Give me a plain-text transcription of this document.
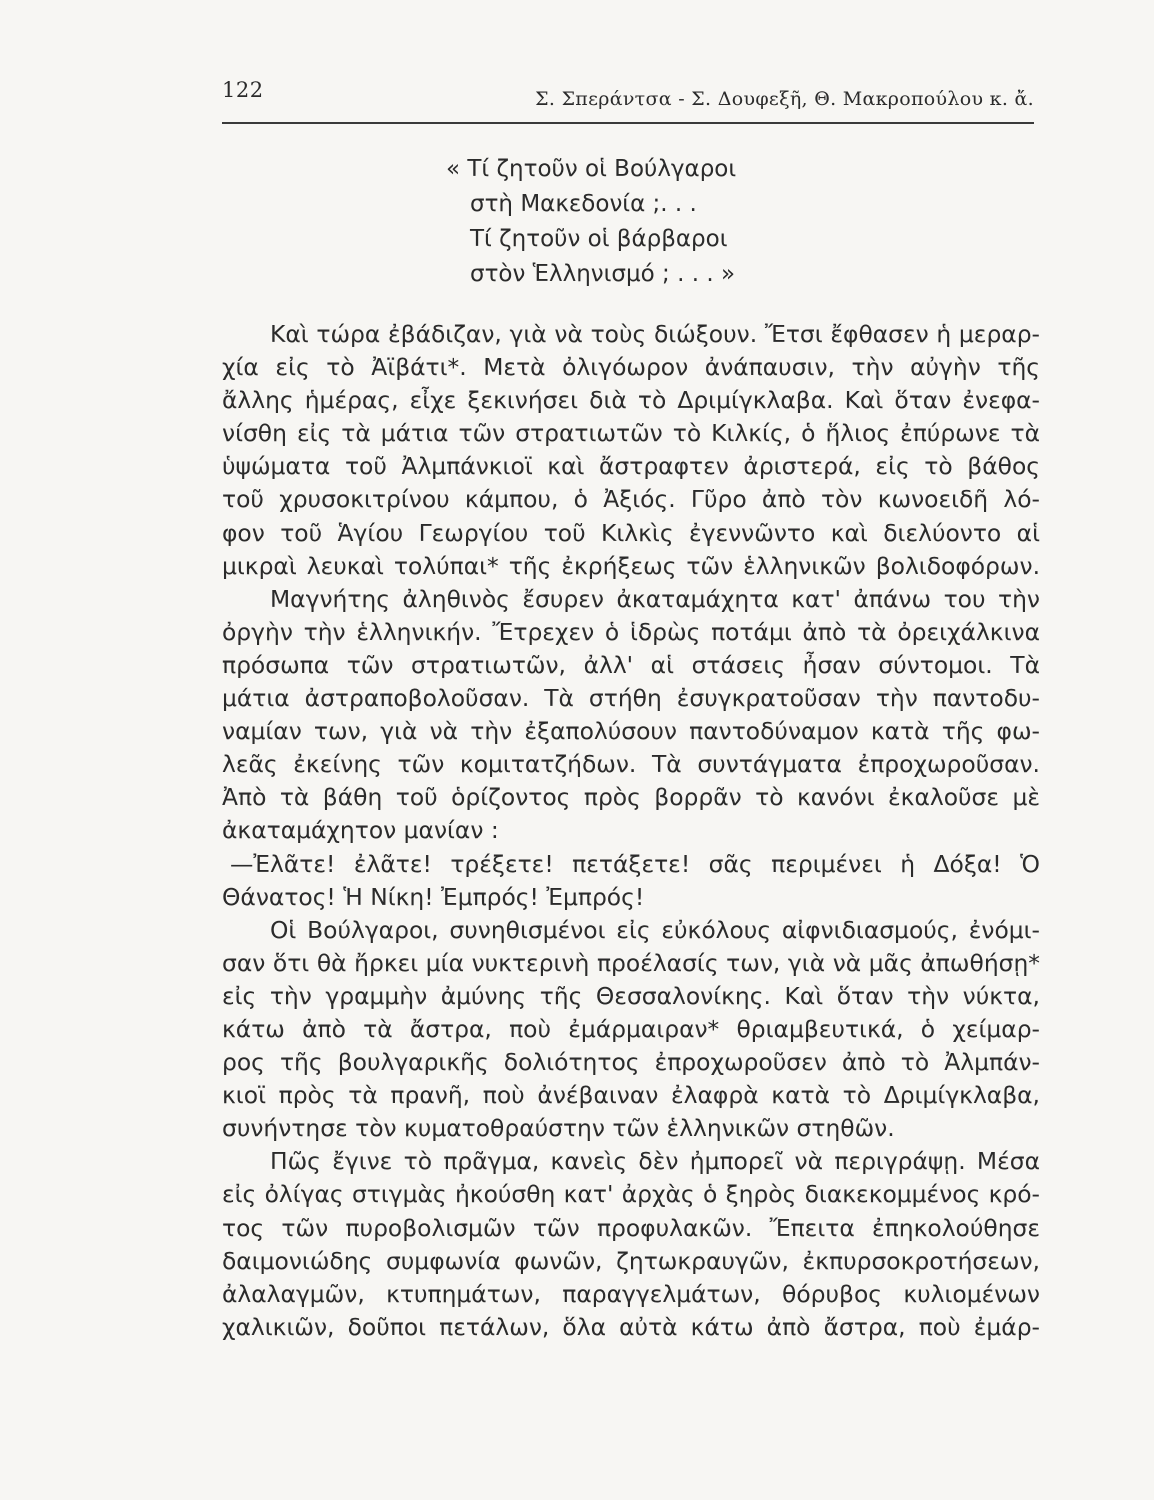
122	Σ. Σπεράντσα - Σ. Δουφεξῆ, Θ. Μακροπούλου κ. ἄ.
« Τί ζητοῦν οἱ Βούλγαροι
στὴ Μακεδονία ;. . .
Τί ζητοῦν οἱ βάρβαροι
στὸν Ἑλληνισμό ; . . . »
Καὶ τώρα ἐβάδιζαν, γιὰ νὰ τοὺς διώξουν. Ἔτσι ἔφθασεν ἡ μεραρ-
χία εἰς τὸ Ἀϊβάτι*. Μετὰ ὀλιγόωρον ἀνάπαυσιν, τὴν αὐγὴν τῆς
ἄλλης ἡμέρας, εἶχε ξεκινήσει διὰ τὸ Δριμίγκλαβα. Καὶ ὅταν ἐνεφα-
νίσθη εἰς τὰ μάτια τῶν στρατιωτῶν τὸ Κιλκίς, ὁ ἥλιος ἐπύρωνε τὰ
ὑψώματα τοῦ Ἀλμπάνκιοϊ καὶ ἄστραφτεν ἀριστερά, εἰς τὸ βάθος
τοῦ χρυσοκιτρίνου κάμπου, ὁ Ἀξιός. Γῦρο ἀπὸ τὸν κωνοειδῆ λό-
φον τοῦ Ἁγίου Γεωργίου τοῦ Κιλκὶς ἐγεννῶντο καὶ διελύοντο αἱ
μικραὶ λευκαὶ τολύπαι* τῆς ἐκρήξεως τῶν ἑλληνικῶν βολιδοφόρων.
Μαγνήτης ἀληθινὸς ἔσυρεν ἀκαταμάχητα κατ' ἀπάνω του τὴν
ὀργὴν τὴν ἑλληνικήν. Ἔτρεχεν ὁ ἱδρὼς ποτάμι ἀπὸ τὰ ὀρειχάλκινα
πρόσωπα τῶν στρατιωτῶν, ἀλλ' αἱ στάσεις ἦσαν σύντομοι. Τὰ
μάτια ἀστραποβολοῦσαν. Τὰ στήθη ἐσυγκρατοῦσαν τὴν παντοδυ-
ναμίαν των, γιὰ νὰ τὴν ἐξαπολύσουν παντοδύναμον κατὰ τῆς φω-
λεᾶς ἐκείνης τῶν κομιτατζήδων. Τὰ συντάγματα ἐπροχωροῦσαν.
Ἀπὸ τὰ βάθη τοῦ ὁρίζοντος πρὸς βορρᾶν τὸ κανόνι ἐκαλοῦσε μὲ
ἀκαταμάχητον μανίαν :
—Ἐλᾶτε! ἐλᾶτε! τρέξετε! πετάξετε! σᾶς περιμένει ἡ Δόξα! Ὁ
Θάνατος! Ἡ Νίκη! Ἐμπρός! Ἐμπρός!
Οἱ Βούλγαροι, συνηθισμένοι εἰς εὐκόλους αἰφνιδιασμούς, ἐνόμι-
σαν ὅτι θὰ ἤρκει μία νυκτερινὴ προέλασίς των, γιὰ νὰ μᾶς ἀπωθήσῃ*
εἰς τὴν γραμμὴν ἀμύνης τῆς Θεσσαλονίκης. Καὶ ὅταν τὴν νύκτα,
κάτω ἀπὸ τὰ ἄστρα, ποὺ ἐμάρμαιραν* θριαμβευτικά, ὁ χείμαρ-
ρος τῆς βουλγαρικῆς δολιότητος ἐπροχωροῦσεν ἀπὸ τὸ Ἀλμπάν-
κιοϊ πρὸς τὰ πρανῆ, ποὺ ἀνέβαιναν ἐλαφρὰ κατὰ τὸ Δριμίγκλαβα,
συνήντησε τὸν κυματοθραύστην τῶν ἑλληνικῶν στηθῶν.
Πῶς ἔγινε τὸ πρᾶγμα, κανεὶς δὲν ἠμπορεῖ νὰ περιγράψῃ. Μέσα
εἰς ὀλίγας στιγμὰς ἠκούσθη κατ' ἀρχὰς ὁ ξηρὸς διακεκομμένος κρό-
τος τῶν πυροβολισμῶν τῶν προφυλακῶν. Ἔπειτα ἐπηκολούθησε
δαιμονιώδης συμφωνία φωνῶν, ζητωκραυγῶν, ἐκπυρσοκροτήσεων,
ἀλαλαγμῶν, κτυπημάτων, παραγγελμάτων, θόρυβος κυλιομένων
χαλικιῶν, δοῦποι πετάλων, ὅλα αὐτὰ κάτω ἀπὸ ἄστρα, ποὺ ἐμάρ-
